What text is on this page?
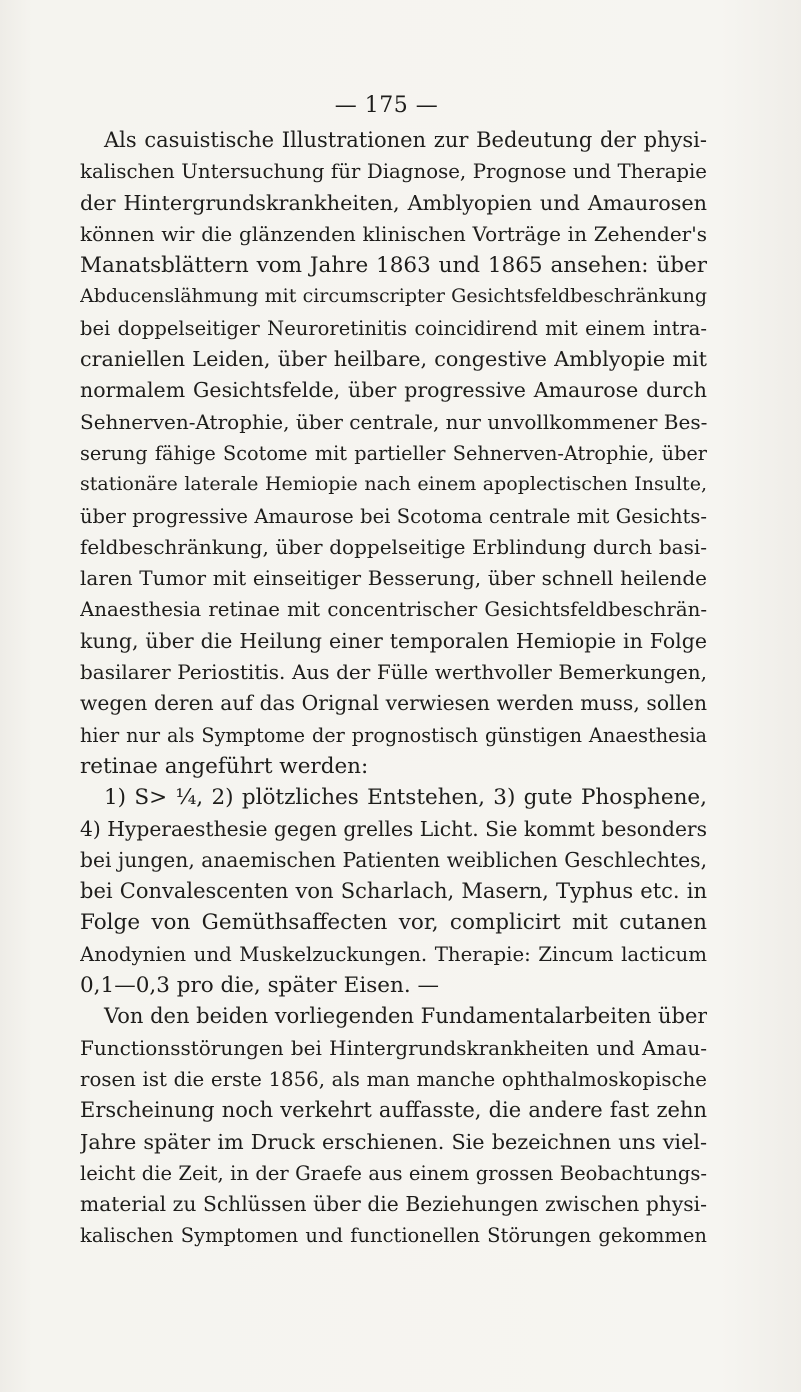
— 175 —
Als casuistische Illustrationen zur Bedeutung der physi-
kalischen Untersuchung für Diagnose, Prognose und Therapie
der Hintergrundskrankheiten, Amblyopien und Amaurosen
können wir die glänzenden klinischen Vorträge in Zehender's
Manatsblättern vom Jahre 1863 und 1865 ansehen: über
Abducenslähmung mit circumscripter Gesichtsfeldbeschränkung
bei doppelseitiger Neuroretinitis coincidirend mit einem intra-
craniellen Leiden, über heilbare, congestive Amblyopie mit
normalem Gesichtsfelde, über progressive Amaurose durch
Sehnerven-Atrophie, über centrale, nur unvollkommener Bes-
serung fähige Scotome mit partieller Sehnerven-Atrophie, über
stationäre laterale Hemiopie nach einem apoplectischen Insulte,
über progressive Amaurose bei Scotoma centrale mit Gesichts-
feldbeschränkung, über doppelseitige Erblindung durch basi-
laren Tumor mit einseitiger Besserung, über schnell heilende
Anaesthesia retinae mit concentrischer Gesichtsfeldbeschrän-
kung, über die Heilung einer temporalen Hemiopie in Folge
basilarer Periostitis. Aus der Fülle werthvoller Bemerkungen,
wegen deren auf das Orignal verwiesen werden muss, sollen
hier nur als Symptome der prognostisch günstigen Anaesthesia
retinae angeführt werden:
1) S> ¼, 2) plötzliches Entstehen, 3) gute Phosphene,
4) Hyperaesthesie gegen grelles Licht. Sie kommt besonders
bei jungen, anaemischen Patienten weiblichen Geschlechtes,
bei Convalescenten von Scharlach, Masern, Typhus etc. in
Folge von Gemüthsaffecten vor, complicirt mit cutanen
Anodynien und Muskelzuckungen. Therapie: Zincum lacticum
0,1—0,3 pro die, später Eisen. —
Von den beiden vorliegenden Fundamentalarbeiten über
Functionsstörungen bei Hintergrundskrankheiten und Amau-
rosen ist die erste 1856, als man manche ophthalmoskopische
Erscheinung noch verkehrt auffasste, die andere fast zehn
Jahre später im Druck erschienen. Sie bezeichnen uns viel-
leicht die Zeit, in der Graefe aus einem grossen Beobachtungs-
material zu Schlüssen über die Beziehungen zwischen physi-
kalischen Symptomen und functionellen Störungen gekommen
